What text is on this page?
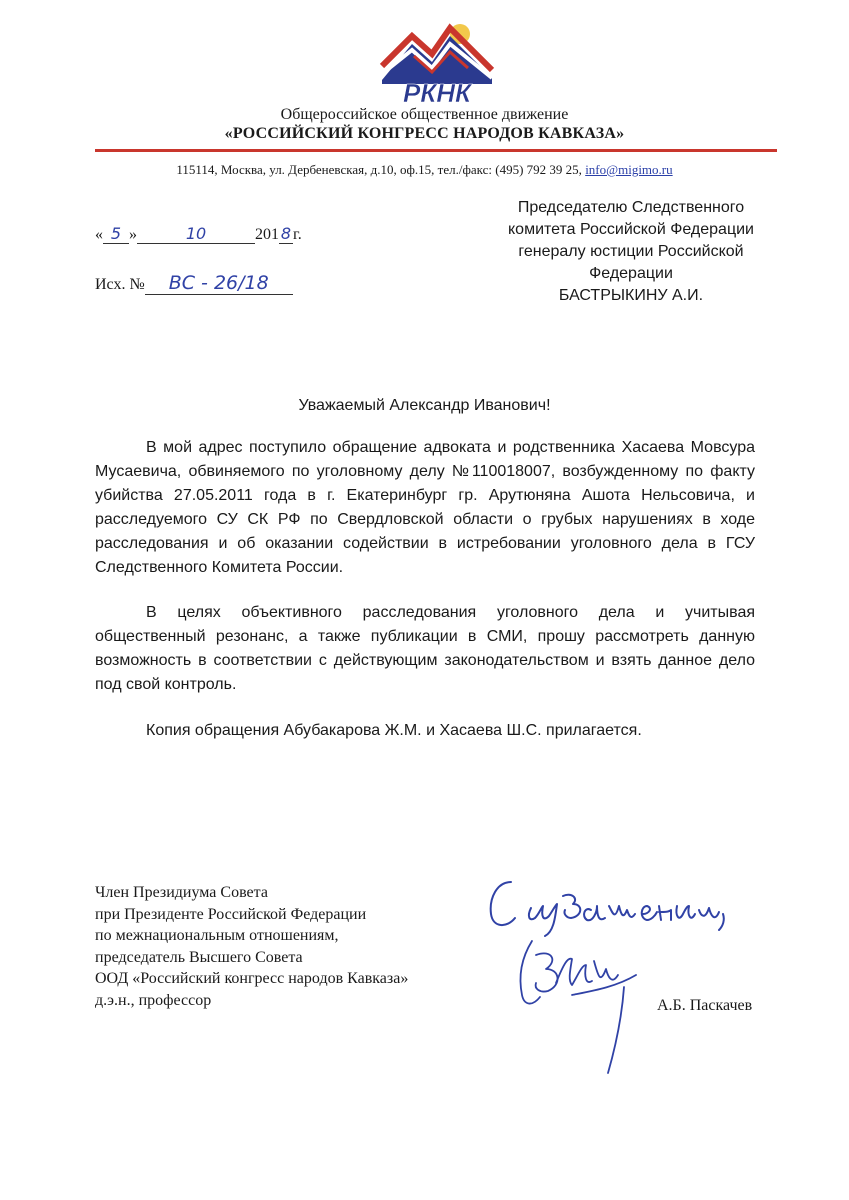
РКНК
Общероссийское общественное движение
«РОССИЙСКИЙ КОНГРЕСС НАРОДОВ КАВКАЗА»
115114, Москва, ул. Дербеневская, д.10, оф.15, тел./факс: (495) 792 39 25, info@migimo.ru
« 5 »	10	201 8 г.
Исх. № ВС - 26/18
Председателю Следственного
комитета Российской Федерации
генералу юстиции Российской
Федерации
БАСТРЫКИНУ А.И.
Уважаемый Александр Иванович!

В мой адрес поступило обращение адвоката и родственника Хасаева Мовсура Мусаевича, обвиняемого по уголовному делу №110018007, возбужденному по факту убийства 27.05.2011 года в г. Екатеринбург гр. Арутюняна Ашота Нельсовича, и расследуемого СУ СК РФ по Свердловской области о грубых нарушениях в ходе расследования и об оказании содействии в истребовании уголовного дела в ГСУ Следственного Комитета России.

В целях объективного расследования уголовного дела и учитывая общественный резонанс, а также публикации в СМИ, прошу рассмотреть данную возможность в соответствии с действующим законодательством и взять данное дело под свой контроль.

Копия обращения Абубакарова Ж.М. и Хасаева Ш.С. прилагается.

Член Президиума Совета
при Президенте Российской Федерации
по межнациональным отношениям,
председатель Высшего Совета
ООД «Российский конгресс народов Кавказа»
д.э.н., профессор	А.Б. Паскачев
